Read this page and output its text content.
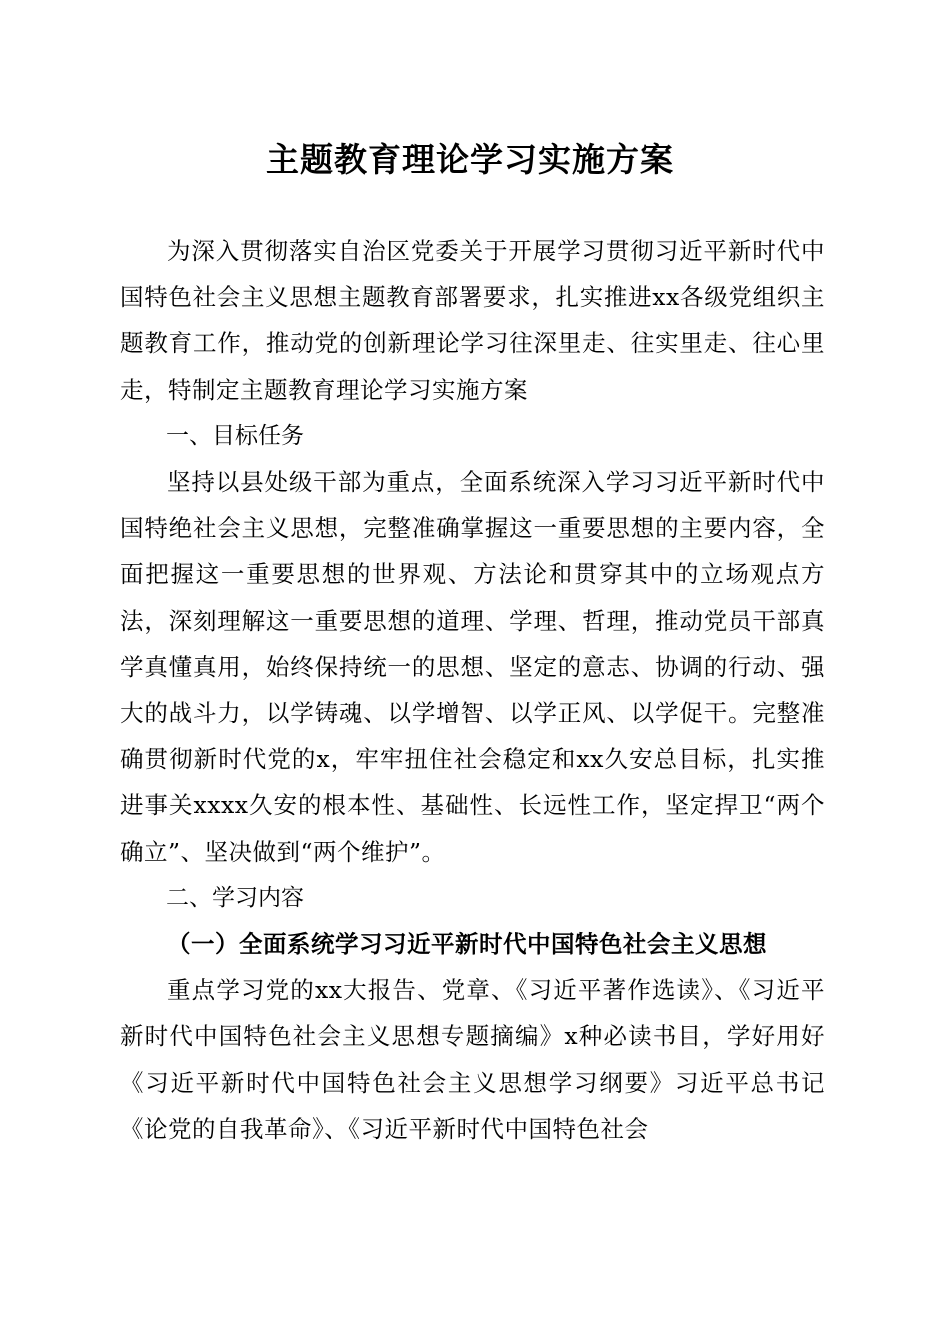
主题教育理论学习实施方案

为深入贯彻落实自治区党委关于开展学习贯彻习近平新时代中国特色社会主义思想主题教育部署要求，扎实推进xx各级党组织主题教育工作，推动党的创新理论学习往深里走、往实里走、往心里走，特制定主题教育理论学习实施方案

一、目标任务

坚持以县处级干部为重点，全面系统深入学习习近平新时代中国特绝社会主义思想，完整准确掌握这一重要思想的主要内容，全面把握这一重要思想的世界观、方法论和贯穿其中的立场观点方法，深刻理解这一重要思想的道理、学理、哲理，推动党员干部真学真懂真用，始终保持统一的思想、坚定的意志、协调的行动、强大的战斗力，以学铸魂、以学增智、以学正风、以学促干。完整准确贯彻新时代党的x，牢牢扭住社会稳定和xx久安总目标，扎实推进事关xxxx久安的根本性、基础性、长远性工作，坚定捍卫“两个确立”、坚决做到“两个维护”。

二、学习内容

（一）全面系统学习习近平新时代中国特色社会主义思想

重点学习党的xx大报告、党章、《习近平著作选读》、《习近平新时代中国特色社会主义思想专题摘编》x种必读书目，学好用好《习近平新时代中国特色社会主义思想学习纲要》习近平总书记《论党的自我革命》、《习近平新时代中国特色社会
